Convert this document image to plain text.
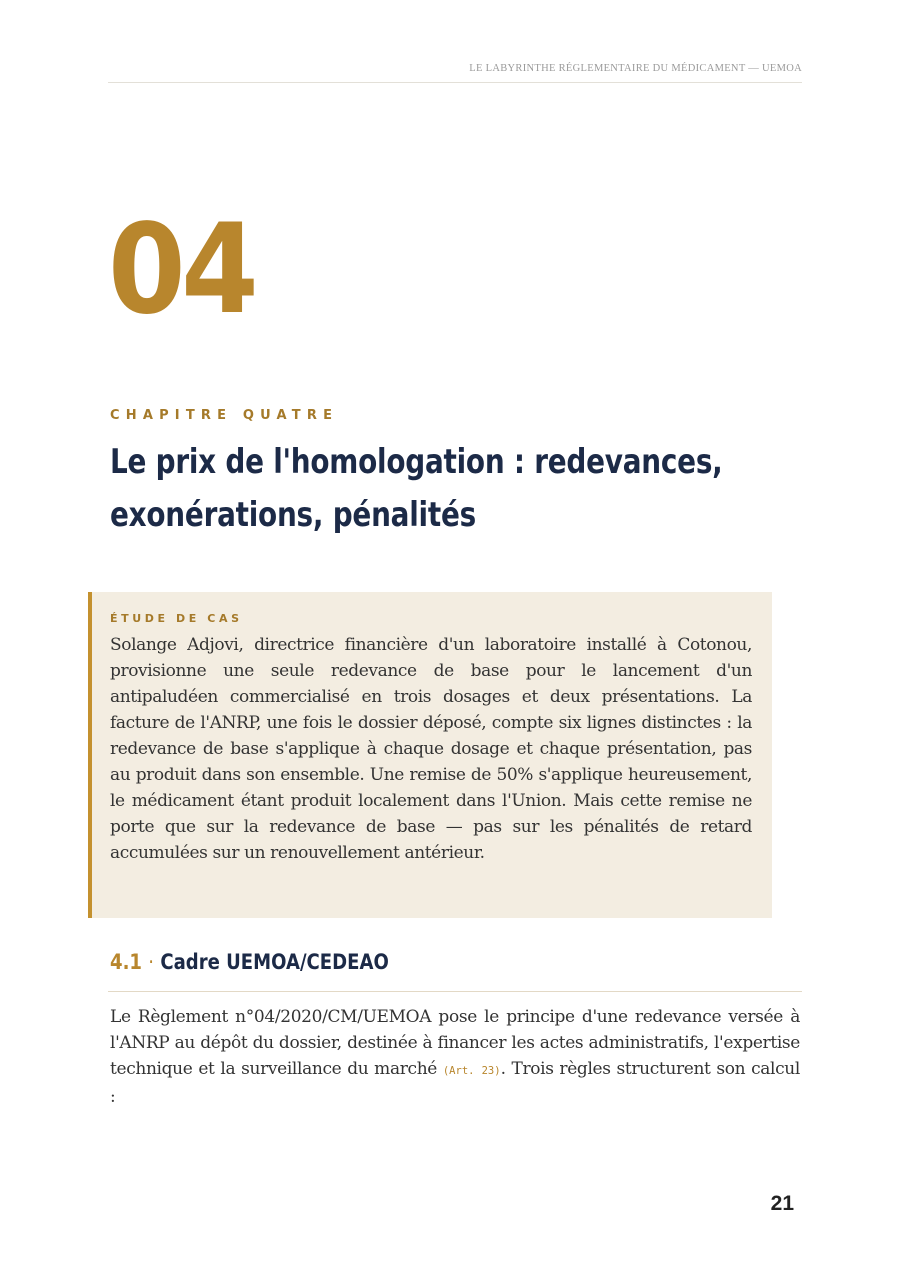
LE LABYRINTHE RÉGLEMENTAIRE DU MÉDICAMENT — UEMOA
04
CHAPITRE QUATRE
Le prix de l'homologation : redevances,
exonérations, pénalités
ÉTUDE DE CAS
Solange Adjovi, directrice financière d'un laboratoire installé à Cotonou, provisionne une seule redevance de base pour le lancement d'un antipaludéen commercialisé en trois dosages et deux présentations. La facture de l'ANRP, une fois le dossier déposé, compte six lignes distinctes : la redevance de base s'applique à chaque dosage et chaque présentation, pas au produit dans son ensemble. Une remise de 50% s'applique heureusement, le médicament étant produit localement dans l'Union. Mais cette remise ne porte que sur la redevance de base — pas sur les pénalités de retard accumulées sur un renouvellement antérieur.
4.1 · Cadre UEMOA/CEDEAO
Le Règlement n°04/2020/CM/UEMOA pose le principe d'une redevance versée à l'ANRP au dépôt du dossier, destinée à financer les actes administratifs, l'expertise technique et la surveillance du marché (Art. 23). Trois règles structurent son calcul :
21
